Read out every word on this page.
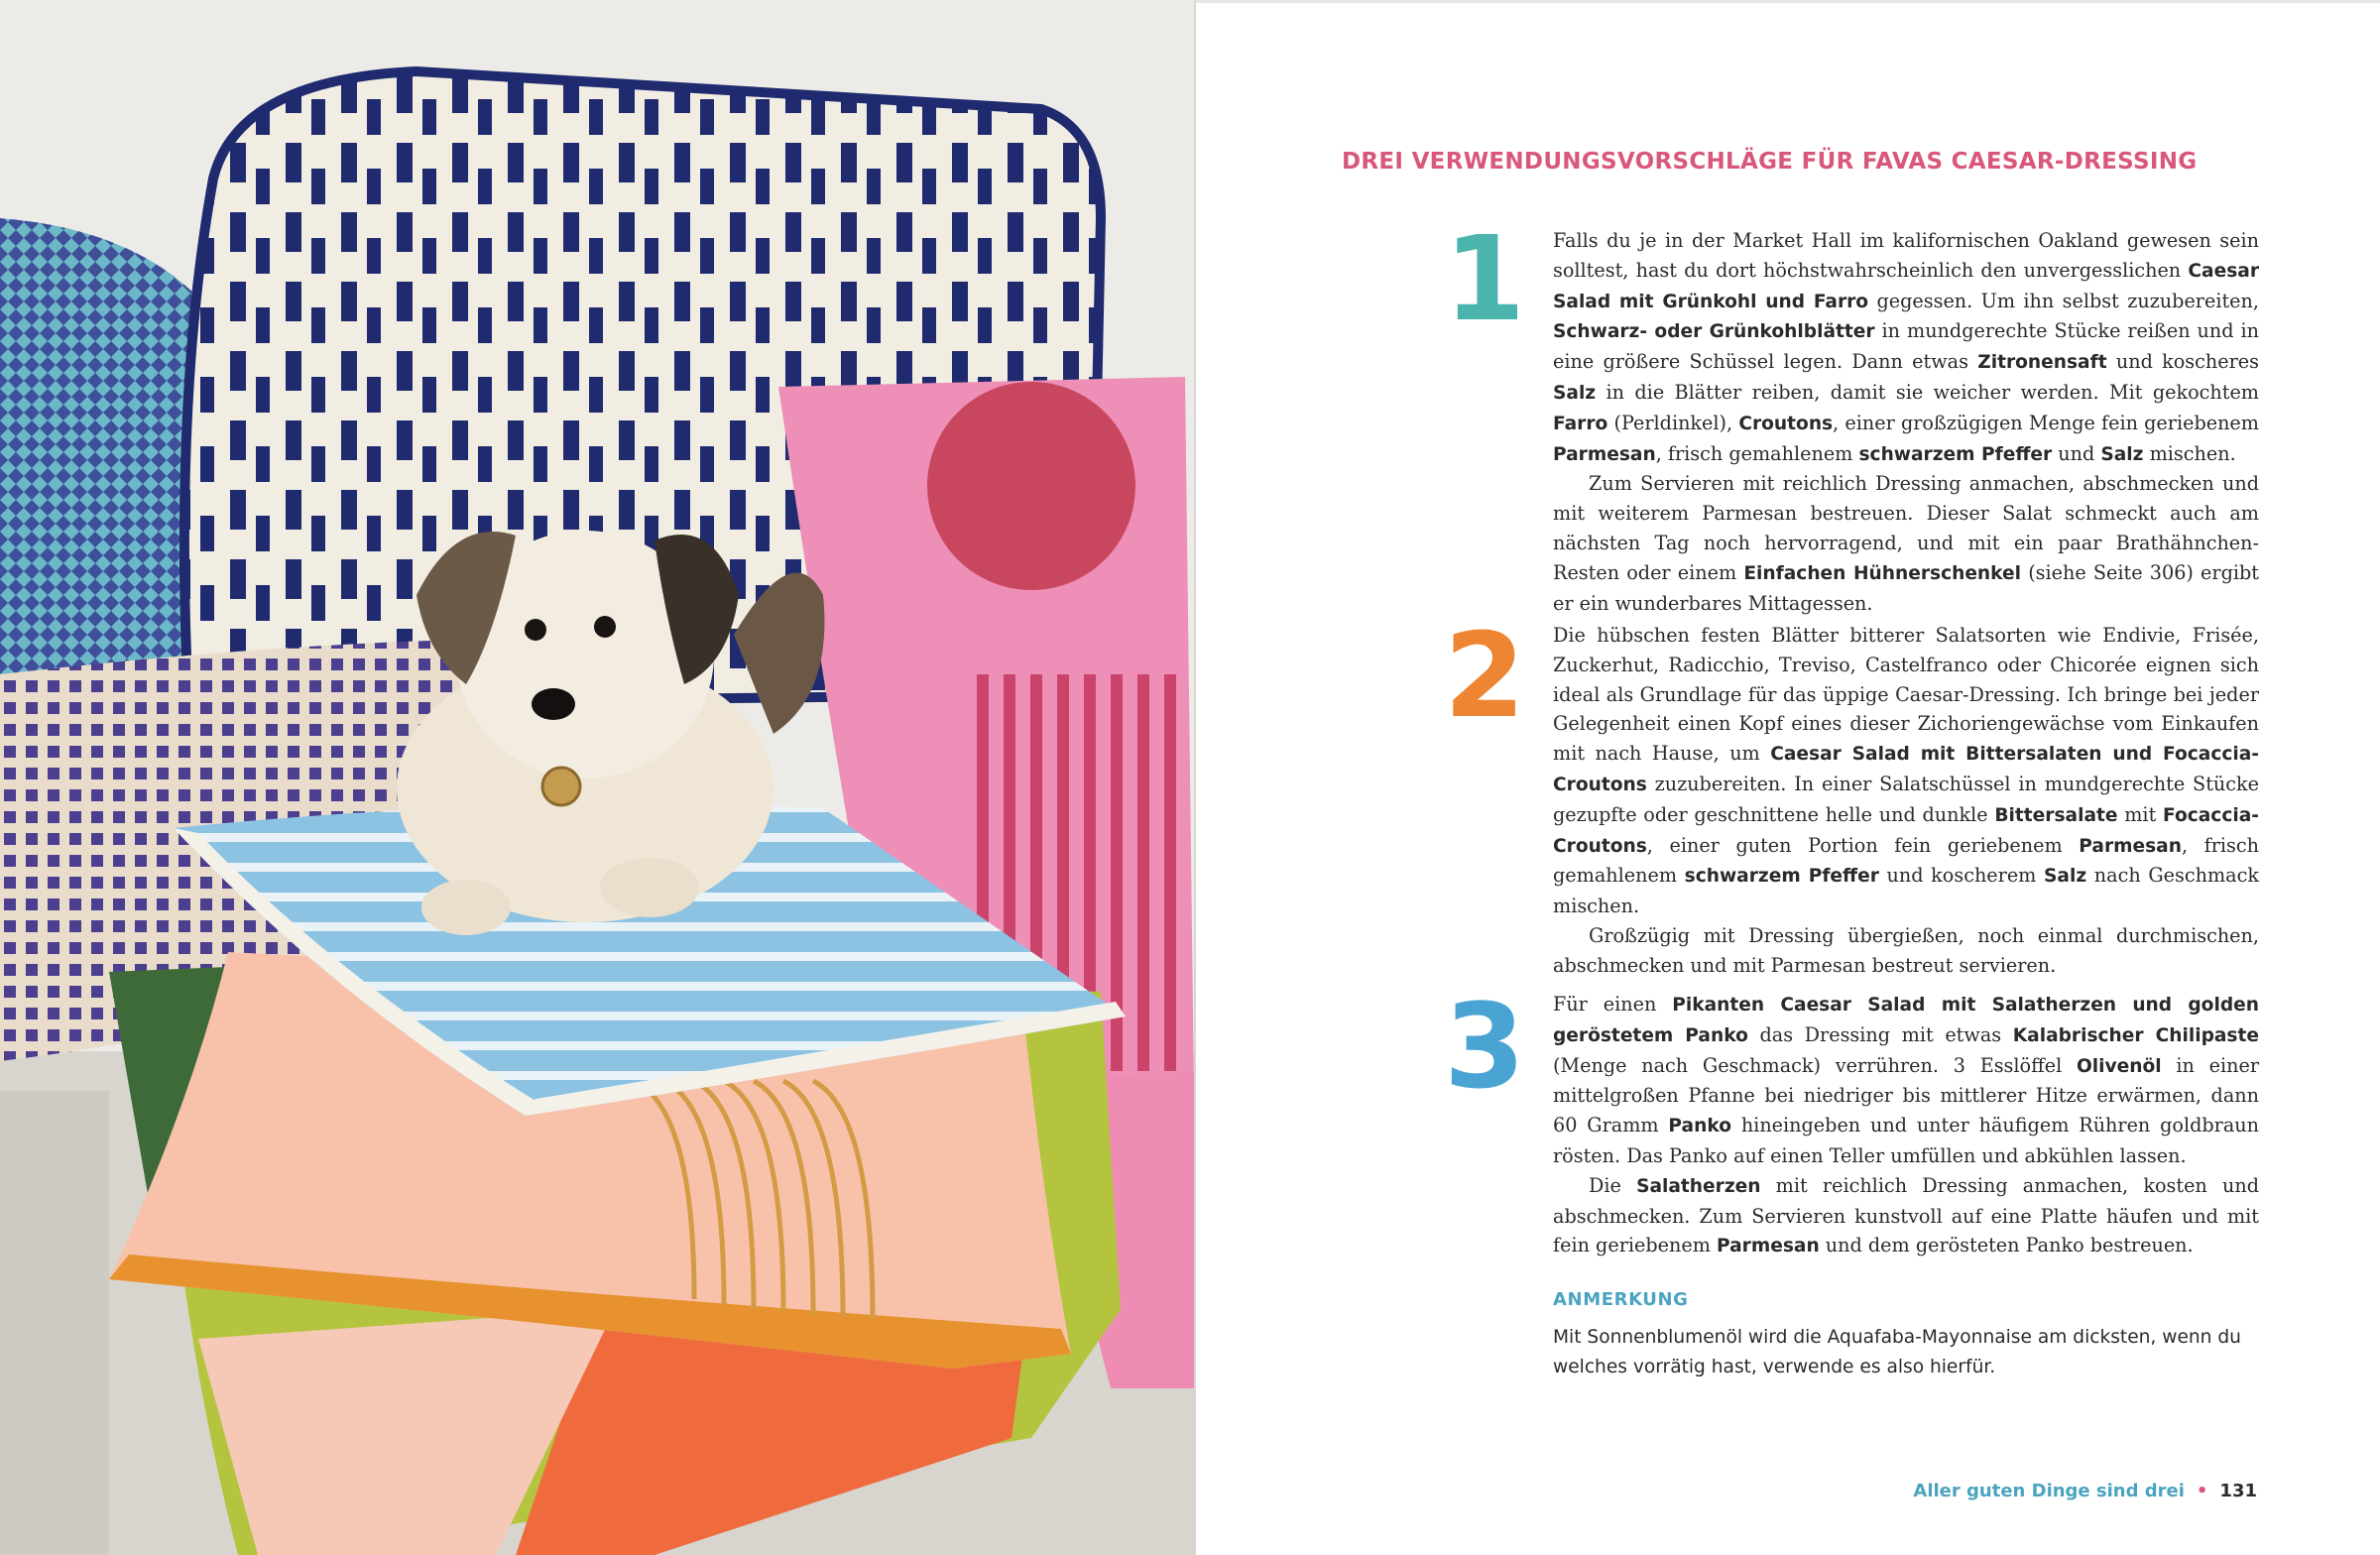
DREI VERWENDUNGSVORSCHLÄGE FÜR FAVAS CAESAR-DRESSING
1	Falls du je in der Market Hall im kalifornischen Oakland gewesen sein solltest, hast du dort höchstwahrscheinlich den unvergesslichen Caesar Salad mit Grünkohl und Farro gegessen. Um ihn selbst zuzubereiten, Schwarz- oder Grünkohlblätter in mundgerechte Stücke reißen und in eine größere Schüssel legen. Dann etwas Zitronensaft und koscheres Salz in die Blätter reiben, damit sie weicher werden. Mit gekochtem Farro (Perldinkel), Croutons, einer großzügigen Menge fein geriebenem Parmesan, frisch gemahlenem schwarzem Pfeffer und Salz mischen.

Zum Servieren mit reichlich Dressing anmachen, abschmecken und mit weiterem Parmesan bestreuen. Dieser Salat schmeckt auch am nächsten Tag noch hervorragend, und mit ein paar Brathähnchen-Resten oder einem Einfachen Hühnerschenkel (siehe Seite 306) ergibt er ein wunderbares Mittagessen.

2	Die hübschen festen Blätter bitterer Salatsorten wie Endivie, Frisée, Zuckerhut, Radicchio, Treviso, Castelfranco oder Chicorée eignen sich ideal als Grundlage für das üppige Caesar-Dressing. Ich bringe bei jeder Gelegenheit einen Kopf eines dieser Zichoriengewächse vom Einkaufen mit nach Hause, um Caesar Salad mit Bittersalaten und Focaccia-Croutons zuzubereiten. In einer Salatschüssel in mundgerechte Stücke gezupfte oder geschnittene helle und dunkle Bittersalate mit Focaccia-Croutons, einer guten Portion fein geriebenem Parmesan, frisch gemahlenem schwarzem Pfeffer und koscherem Salz nach Geschmack mischen.

Großzügig mit Dressing übergießen, noch einmal durchmischen, abschmecken und mit Parmesan bestreut servieren.

3	Für einen Pikanten Caesar Salad mit Salatherzen und golden geröstetem Panko das Dressing mit etwas Kalabrischer Chilipaste (Menge nach Geschmack) verrühren. 3 Esslöffel Olivenöl in einer mittelgroßen Pfanne bei niedriger bis mittlerer Hitze erwärmen, dann 60 Gramm Panko hineingeben und unter häufigem Rühren goldbraun rösten. Das Panko auf einen Teller umfüllen und abkühlen lassen.

Die Salatherzen mit reichlich Dressing anmachen, kosten und abschmecken. Zum Servieren kunstvoll auf eine Platte häufen und mit fein geriebenem Parmesan und dem gerösteten Panko bestreuen.

ANMERKUNG

Mit Sonnenblumenöl wird die Aquafaba-Mayonnaise am dicksten, wenn du welches vorrätig hast, verwende es also hierfür.

Aller guten Dinge sind drei • 131
